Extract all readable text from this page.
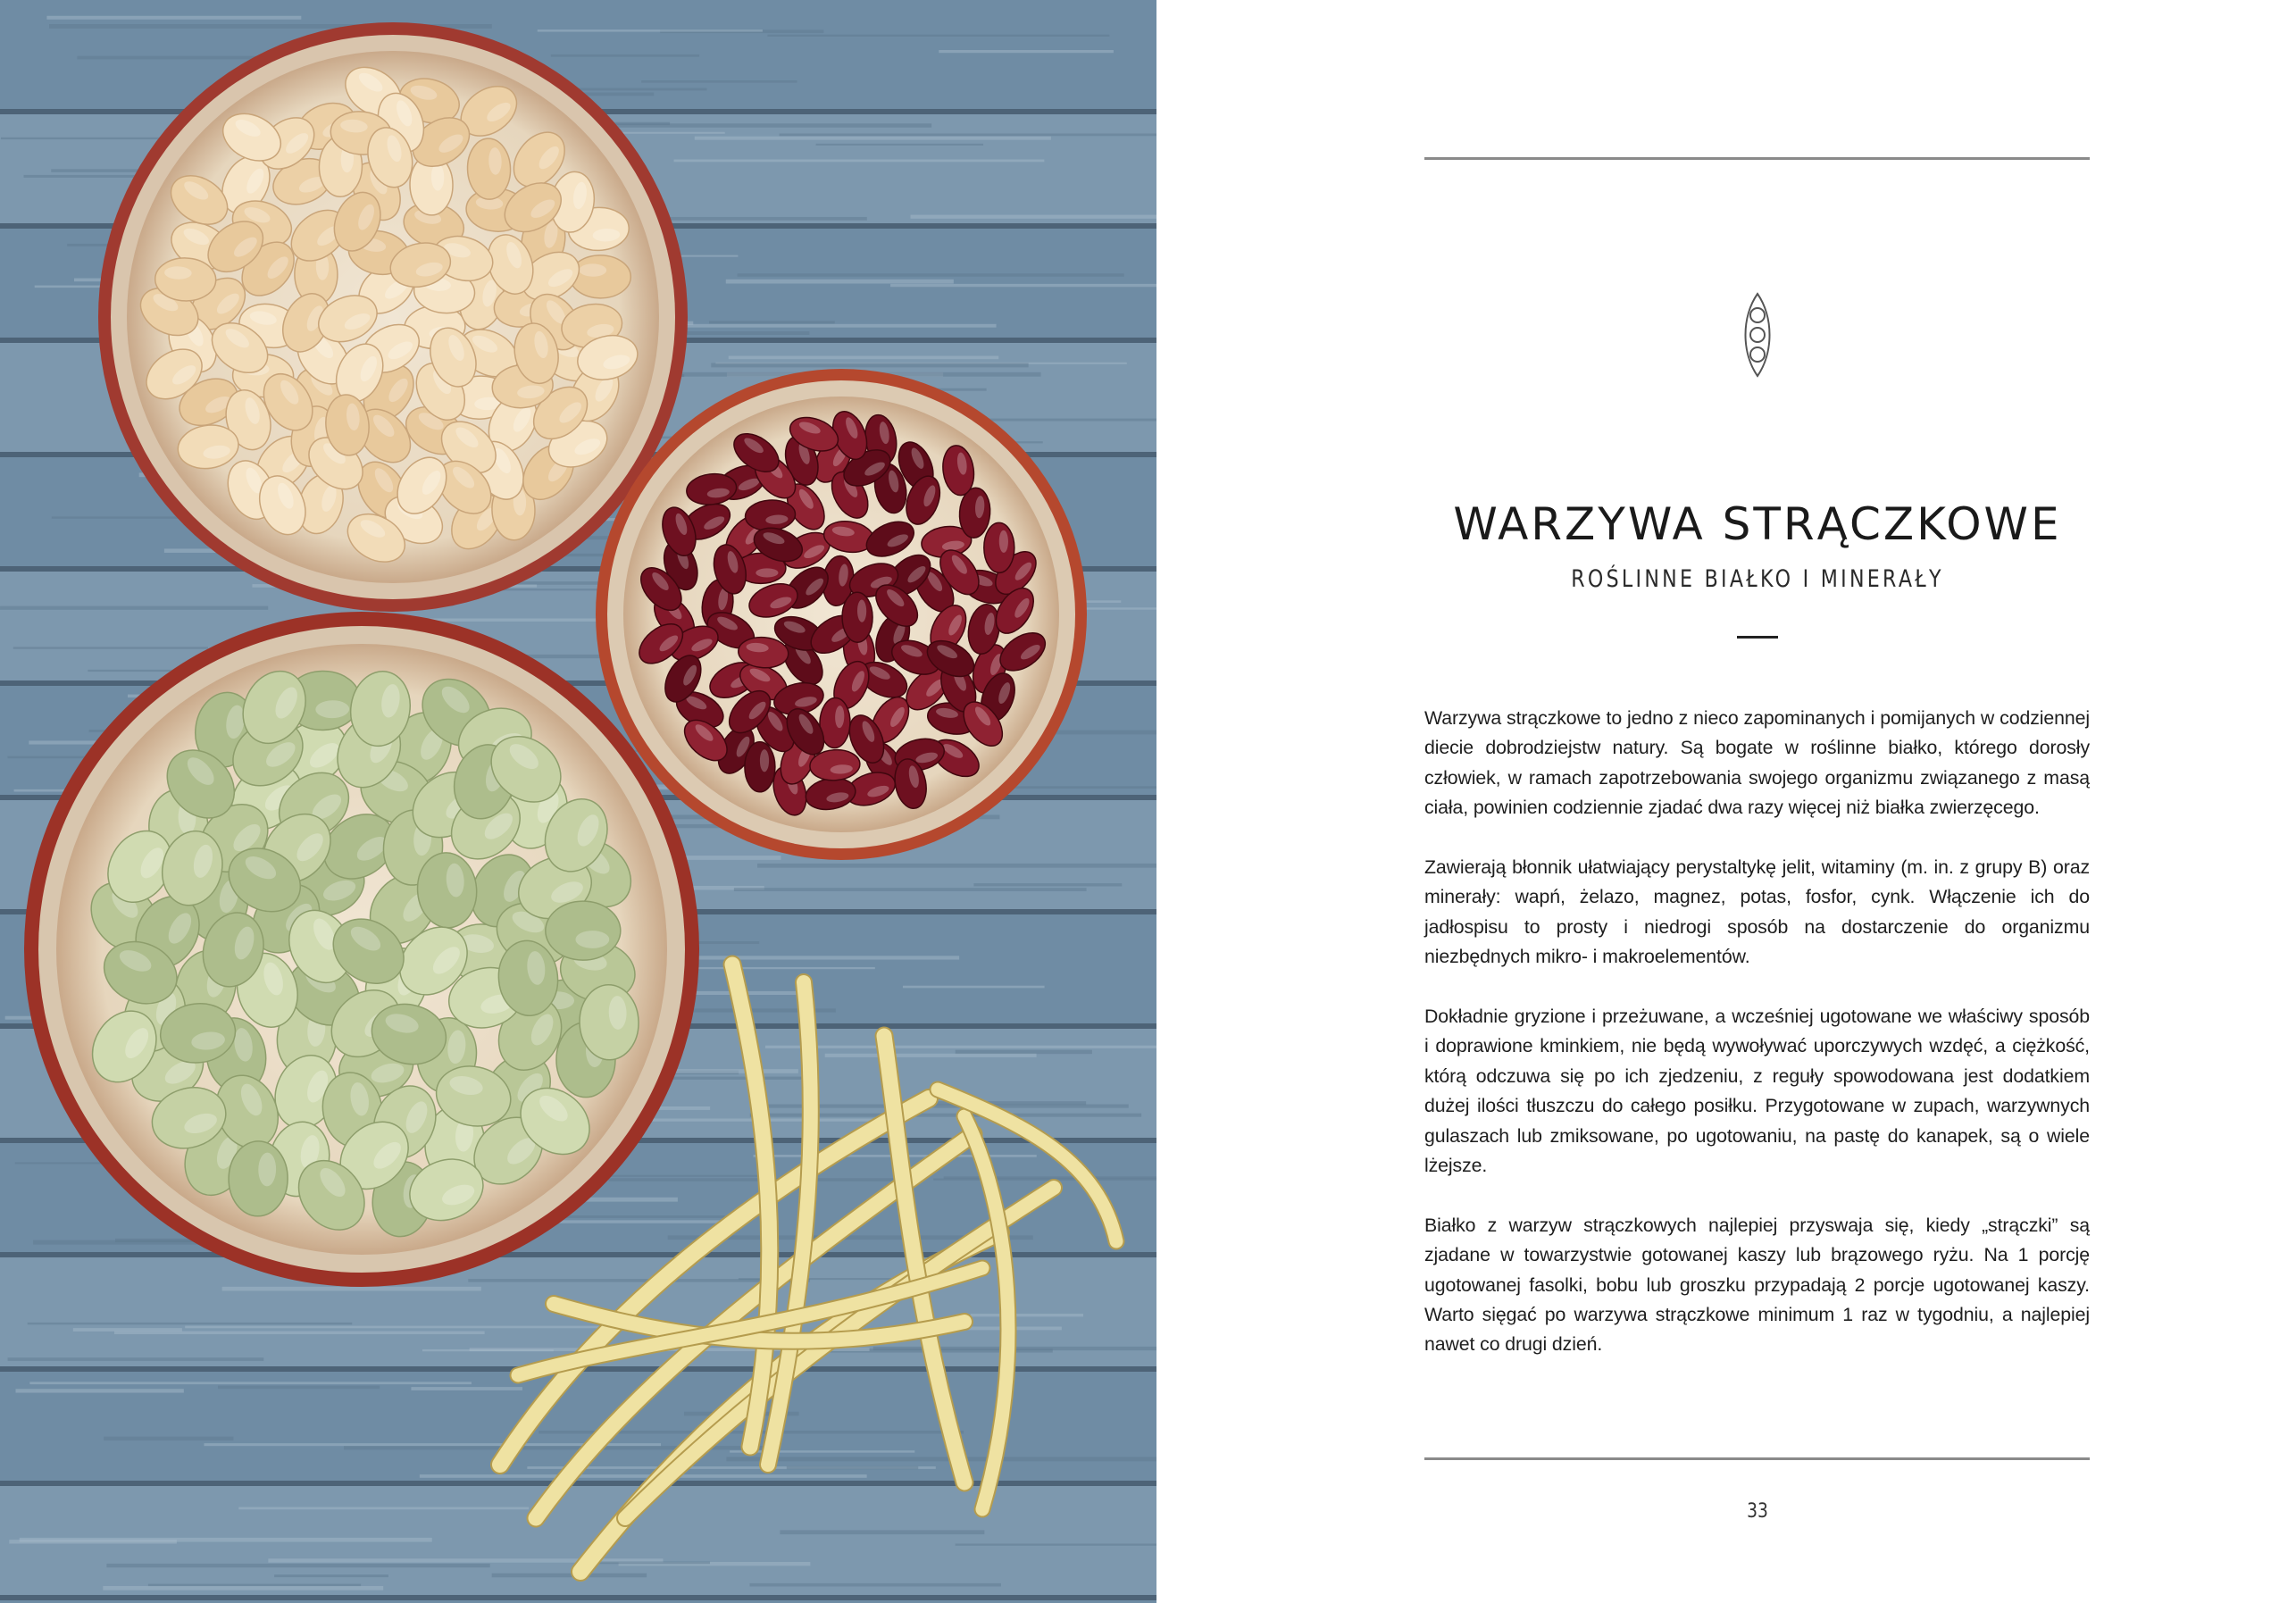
WARZYWA STRĄCZKOWE
ROŚLINNE BIAŁKO I MINERAŁY

Warzywa strączkowe to jedno z nieco zapominanych i pomijanych w codziennej diecie dobrodziejstw natury. Są bogate w roślinne białko, którego dorosły człowiek, w ramach zapotrzebowania swojego organizmu związanego z masą ciała, powinien codziennie zjadać dwa razy więcej niż białka zwierzęcego.

Zawierają błonnik ułatwiający perystaltykę jelit, witaminy (m. in. z grupy B) oraz minerały: wapń, żelazo, magnez, potas, fosfor, cynk. Włączenie ich do jadłospisu to prosty i niedrogi sposób na dostarczenie do organizmu niezbędnych mikro- i makroelementów.

Dokładnie gryzione i przeżuwane, a wcześniej ugotowane we właściwy sposób i doprawione kminkiem, nie będą wywoływać uporczywych wzdęć, a ciężkość, którą odczuwa się po ich zjedzeniu, z reguły spowodowana jest dodatkiem dużej ilości tłuszczu do całego posiłku. Przygotowane w zupach, warzywnych gulaszach lub zmiksowane, po ugotowaniu, na pastę do kanapek, są o wiele lżejsze.

Białko z warzyw strączkowych najlepiej przyswaja się, kiedy „strączki” są zjadane w towarzystwie gotowanej kaszy lub brązowego ryżu. Na 1 porcję ugotowanej fasolki, bobu lub groszku przypadają 2 porcje ugotowanej kaszy. Warto sięgać po warzywa strączkowe minimum 1 raz w tygodniu, a najlepiej nawet co drugi dzień.

33
